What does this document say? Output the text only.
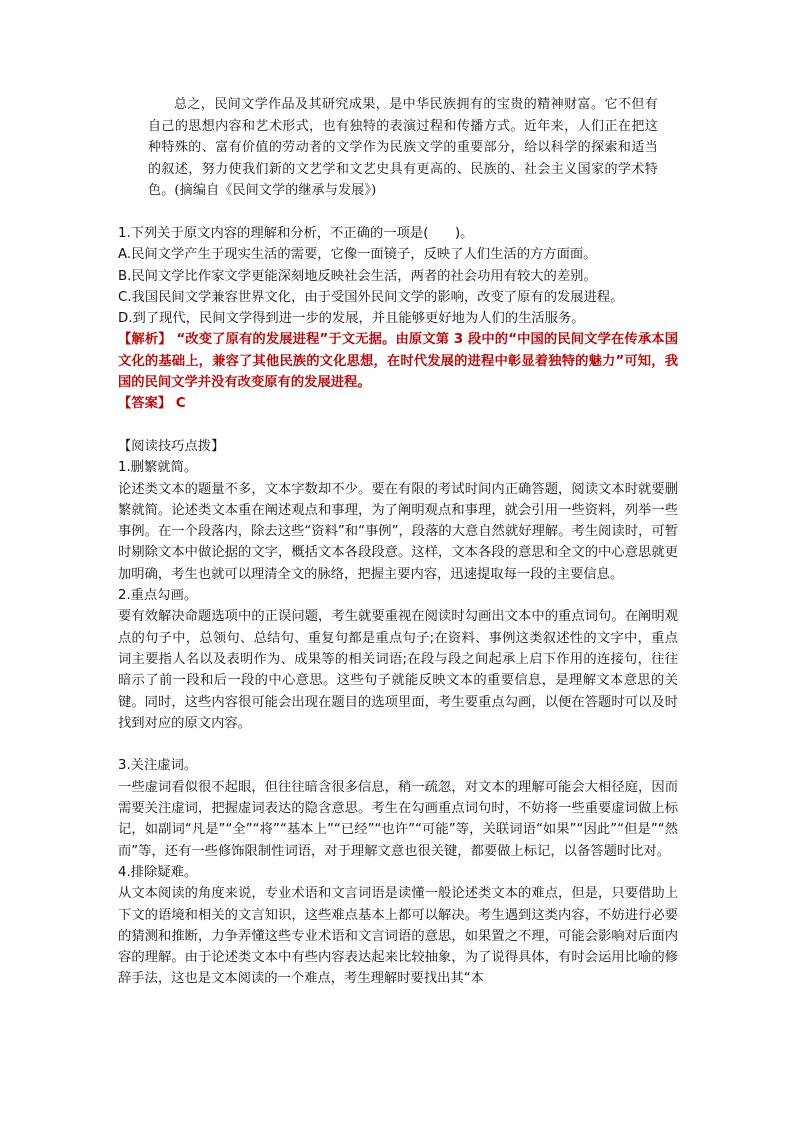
总之，民间文学作品及其研究成果，是中华民族拥有的宝贵的精神财富。它不但有自己的思想内容和艺术形式，也有独特的表演过程和传播方式。近年来，人们正在把这种特殊的、富有价值的劳动者的文学作为民族文学的重要部分，给以科学的探索和适当的叙述，努力使我们新的文艺学和文艺史具有更高的、民族的、社会主义国家的学术特色。(摘编自《民间文学的继承与发展》)

1.下列关于原文内容的理解和分析，不正确的一项是(　　)。

A.民间文学产生于现实生活的需要，它像一面镜子，反映了人们生活的方方面面。

B.民间文学比作家文学更能深刻地反映社会生活，两者的社会功用有较大的差别。

C.我国民间文学兼容世界文化，由于受国外民间文学的影响，改变了原有的发展进程。

D.到了现代，民间文学得到进一步的发展，并且能够更好地为人们的生活服务。

【解析】 “改变了原有的发展进程”于文无据。由原文第 3 段中的“中国的民间文学在传承本国文化的基础上，兼容了其他民族的文化思想，在时代发展的进程中彰显着独特的魅力”可知，我国的民间文学并没有改变原有的发展进程。

【答案】 C

【阅读技巧点拨】

1.删繁就简。

论述类文本的题量不多，文本字数却不少。要在有限的考试时间内正确答题，阅读文本时就要删繁就简。论述类文本重在阐述观点和事理，为了阐明观点和事理，就会引用一些资料，列举一些事例。在一个段落内，除去这些“资料”和“事例”，段落的大意自然就好理解。考生阅读时，可暂时剔除文本中做论据的文字，概括文本各段段意。这样，文本各段的意思和全文的中心意思就更加明确，考生也就可以理清全文的脉络，把握主要内容，迅速提取每一段的主要信息。

2.重点勾画。

要有效解决命题选项中的正误问题，考生就要重视在阅读时勾画出文本中的重点词句。在阐明观点的句子中，总领句、总结句、重复句都是重点句子;在资料、事例这类叙述性的文字中，重点词主要指人名以及表明作为、成果等的相关词语;在段与段之间起承上启下作用的连接句，往往暗示了前一段和后一段的中心意思。这些句子就能反映文本的重要信息，是理解文本意思的关键。同时，这些内容很可能会出现在题目的选项里面，考生要重点勾画，以便在答题时可以及时找到对应的原文内容。

3.关注虚词。

一些虚词看似很不起眼，但往往暗含很多信息，稍一疏忽，对文本的理解可能会大相径庭，因而需要关注虚词，把握虚词表达的隐含意思。考生在勾画重点词句时，不妨将一些重要虚词做上标记，如副词“凡是”“全”“将”“基本上”“已经”“也许”“可能”等，关联词语“如果”“因此”“但是”“然而”等，还有一些修饰限制性词语，对于理解文意也很关键，都要做上标记，以备答题时比对。

4.排除疑难。

从文本阅读的角度来说，专业术语和文言词语是读懂一般论述类文本的难点，但是，只要借助上下文的语境和相关的文言知识，这些难点基本上都可以解决。考生遇到这类内容，不妨进行必要的猜测和推断，力争弄懂这些专业术语和文言词语的意思，如果置之不理，可能会影响对后面内容的理解。由于论述类文本中有些内容表达起来比较抽象，为了说得具体，有时会运用比喻的修辞手法，这也是文本阅读的一个难点，考生理解时要找出其“本
